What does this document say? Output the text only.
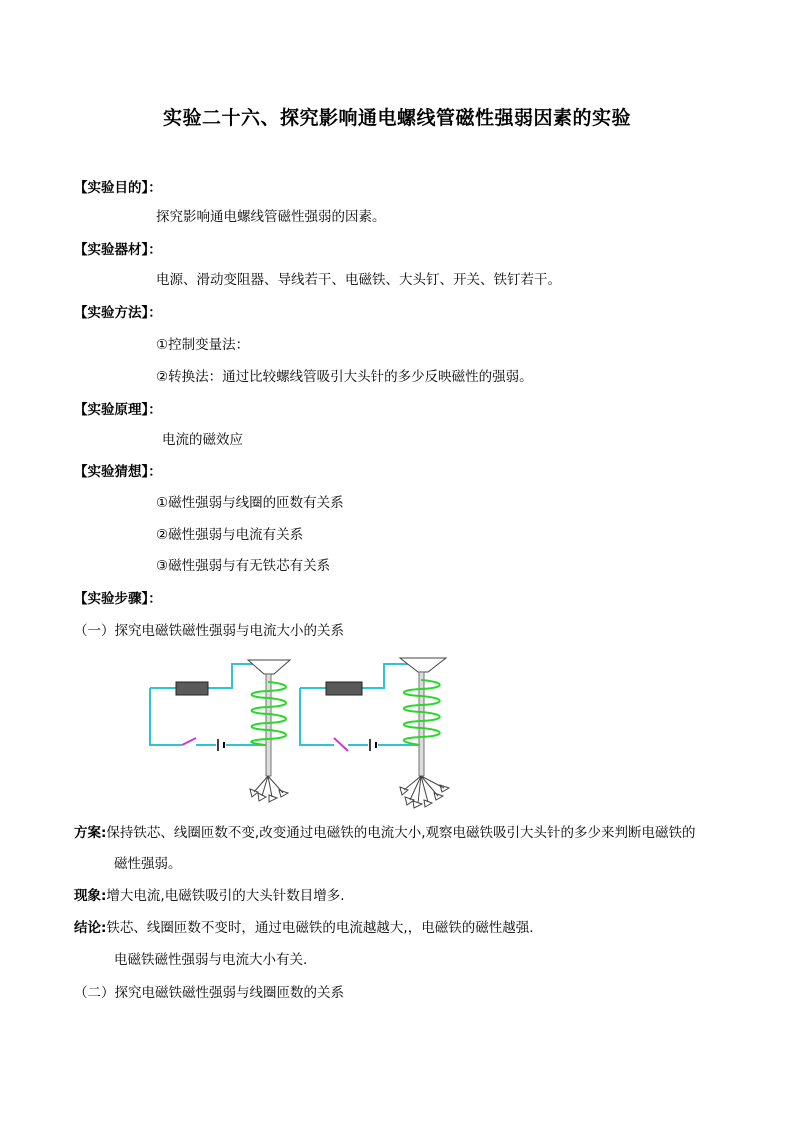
实验二十六、探究影响通电螺线管磁性强弱因素的实验
【实验目的】：
探究影响通电螺线管磁性强弱的因素。
【实验器材】：
电源、滑动变阻器、导线若干、电磁铁、大头钉、开关、铁钉若干。
【实验方法】：
①控制变量法：
②转换法：通过比较螺线管吸引大头针的多少反映磁性的强弱。
【实验原理】：
电流的磁效应
【实验猜想】：
①磁性强弱与线圈的匝数有关系
②磁性强弱与电流有关系
③磁性强弱与有无铁芯有关系
【实验步骤】：
（一）探究电磁铁磁性强弱与电流大小的关系
方案:保持铁芯、线圈匝数不变,改变通过电磁铁的电流大小,观察电磁铁吸引大头针的多少来判断电磁铁的
磁性强弱。
现象:增大电流,电磁铁吸引的大头针数目增多.
结论:铁芯、线圈匝数不变时，通过电磁铁的电流越越大,，电磁铁的磁性越强.
电磁铁磁性强弱与电流大小有关.
（二）探究电磁铁磁性强弱与线圈匝数的关系
